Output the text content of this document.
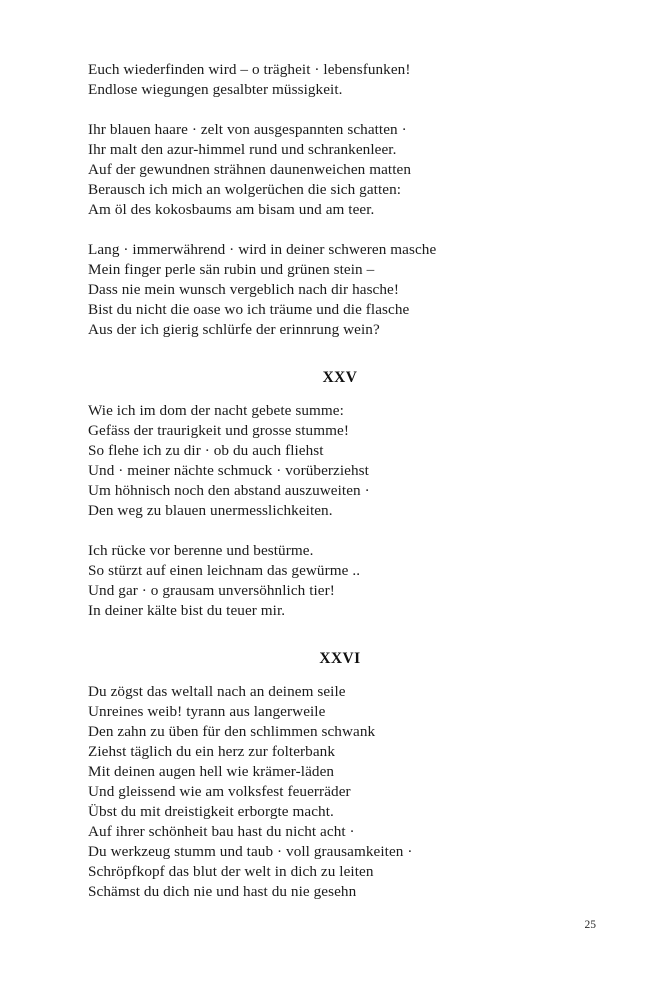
Euch wiederfinden wird – o trägheit · lebensfunken!
Endlose wiegungen gesalbter müssigkeit.
Ihr blauen haare · zelt von ausgespannten schatten ·
Ihr malt den azur-himmel rund und schrankenleer.
Auf der gewundnen strähnen daunenweichen matten
Berausch ich mich an wolgerüchen die sich gatten:
Am öl des kokosbaums am bisam und am teer.
Lang · immerwährend · wird in deiner schweren masche
Mein finger perle sän rubin und grünen stein –
Dass nie mein wunsch vergeblich nach dir hasche!
Bist du nicht die oase wo ich träume und die flasche
Aus der ich gierig schlürfe der erinnrung wein?
XXV
Wie ich im dom der nacht gebete summe:
Gefäss der traurigkeit und grosse stumme!
So flehe ich zu dir · ob du auch fliehst
Und · meiner nächte schmuck · vorüberziehst
Um höhnisch noch den abstand auszuweiten ·
Den weg zu blauen unermesslichkeiten.
Ich rücke vor berenne und bestürme.
So stürzt auf einen leichnam das gewürme ..
Und gar · o grausam unversöhnlich tier!
In deiner kälte bist du teuer mir.
XXVI
Du zögst das weltall nach an deinem seile
Unreines weib! tyrann aus langerweile
Den zahn zu üben für den schlimmen schwank
Ziehst täglich du ein herz zur folterbank
Mit deinen augen hell wie krämer-läden
Und gleissend wie am volksfest feuerräder
Übst du mit dreistigkeit erborgte macht.
Auf ihrer schönheit bau hast du nicht acht ·
Du werkzeug stumm und taub · voll grausamkeiten ·
Schröpfkopf das blut der welt in dich zu leiten
Schämst du dich nie und hast du nie gesehn
25
